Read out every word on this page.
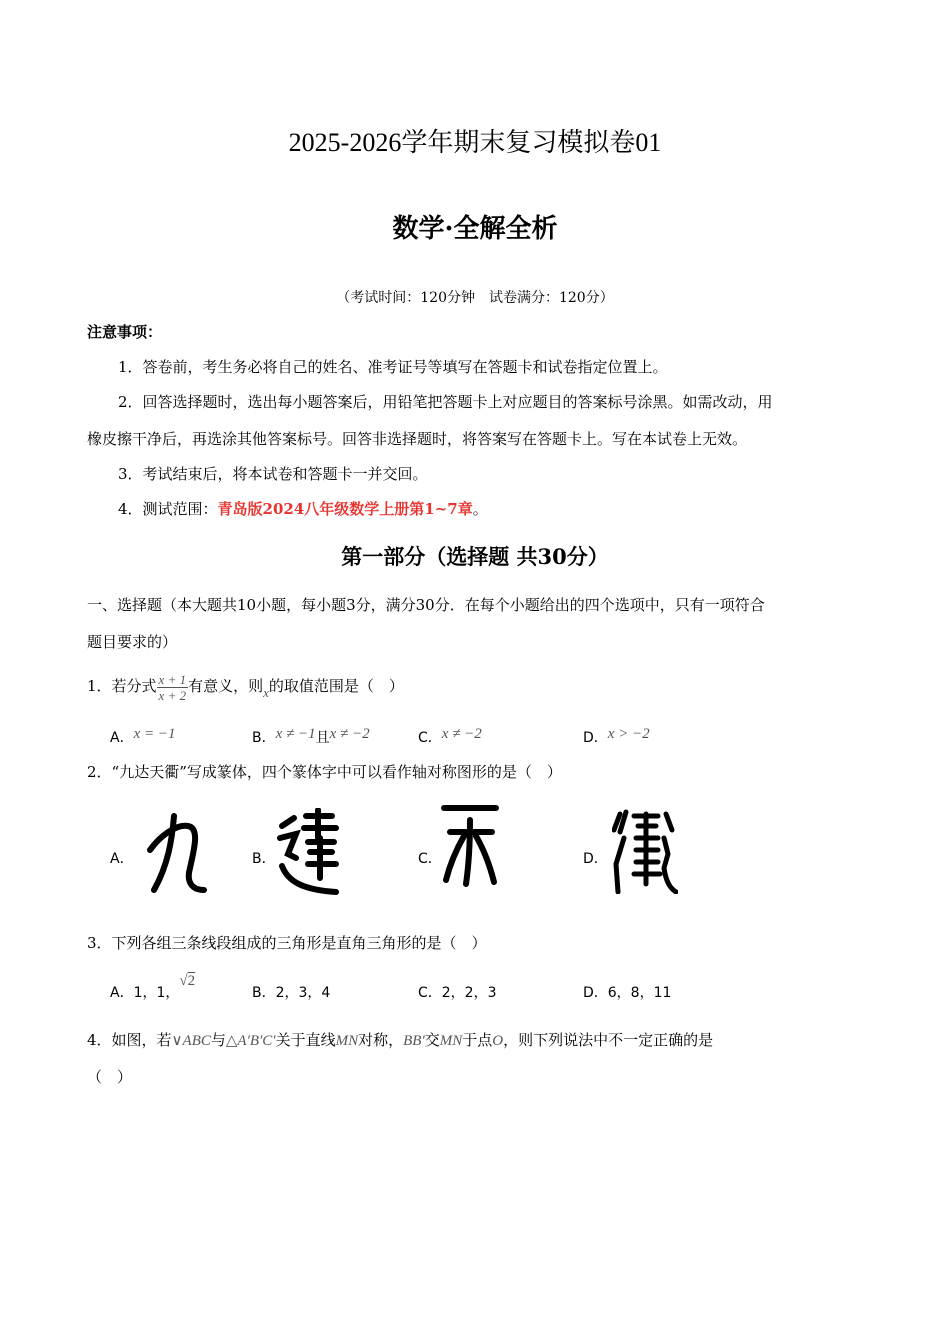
2025-2026学年期末复习模拟卷01
数学·全解全析
（考试时间：120分钟　试卷满分：120分）
注意事项：
1．答卷前，考生务必将自己的姓名、准考证号等填写在答题卡和试卷指定位置上。
2．回答选择题时，选出每小题答案后，用铅笔把答题卡上对应题目的答案标号涂黑。如需改动，用
橡皮擦干净后，再选涂其他答案标号。回答非选择题时，将答案写在答题卡上。写在本试卷上无效。
3．考试结束后，将本试卷和答题卡一并交回。
4．测试范围：青岛版2024八年级数学上册第1~7章。
第一部分（选择题 共30分）
一、选择题（本大题共10小题，每小题3分，满分30分．在每个小题给出的四个选项中，只有一项符合
题目要求的）
1．若分式 $\frac{x + 1}{x + 2}$ 有意义，则x的取值范围是（　）
A．x = −1	B．x ≠ −1且x ≠ −2	C．x ≠ −2	D．x > −2
2．“九达天衢”写成篆体，四个篆体字中可以看作轴对称图形的是（　）
A．	B．	C．	D．
3．下列各组三条线段组成的三角形是直角三角形的是（　）
A．1，1，√2
B．2，3，4	C．2，2，3	D．6，8，11
4．如图，若∨ABC与△A′B′C′关于直线MN对称，BB′交MN于点O，则下列说法中不一定正确的是
（　）
